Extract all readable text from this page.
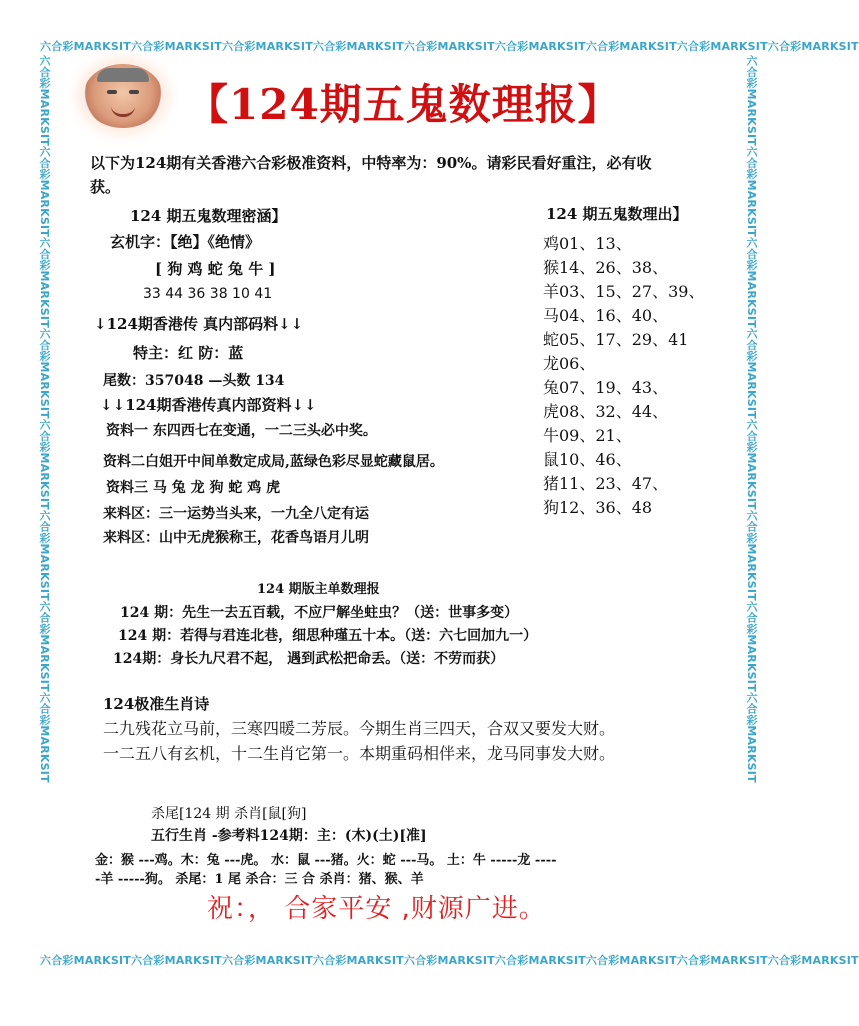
六合彩MARKSIT六合彩MARKSIT六合彩MARKSIT六合彩MARKSIT六合彩MARKSIT六合彩MARKSIT六合彩MARKSIT六合彩MARKSIT六合彩MARKSIT
六合彩MARKSIT六合彩MARKSIT六合彩MARKSIT六合彩MARKSIT六合彩MARKSIT六合彩MARKSIT六合彩MARKSIT六合彩MARKSIT六合彩MARKSIT
六合彩MARKSIT六合彩MARKSIT六合彩MARKSIT六合彩MARKSIT六合彩MARKSIT六合彩MARKSIT六合彩MARKSIT六合彩MARKSIT	六合彩MARKSIT六合彩MARKSIT六合彩MARKSIT六合彩MARKSIT六合彩MARKSIT六合彩MARKSIT六合彩MARKSIT六合彩MARKSIT
【124期五鬼数理报】
以下为124期有关香港六合彩极准资料，中特率为：90%。请彩民看好重注，必有收
获。
124 期五鬼数理密涵】
玄机字：【绝】《绝情》
[ 狗 鸡 蛇 兔 牛 ]
33 44 36 38 10 41
↓124期香港传 真内部码料↓↓
特主：红 防：蓝
尾数：357048 —头数 134
↓↓124期香港传真内部资料↓↓
资料一 东四西七在变通，一二三头必中奖。
资料二白姐开中间单数定成局,蓝绿色彩尽显蛇藏鼠居。
资料三 马 兔 龙 狗 蛇 鸡 虎
来料区：三一运势当头来，一九全八定有运
来料区：山中无虎猴称王，花香鸟语月儿明
124 期五鬼数理出】
鸡01、13、
猴14、26、38、
羊03、15、27、39、
马04、16、40、
蛇05、17、29、41
龙06、
兔07、19、43、
虎08、32、44、
牛09、21、
鼠10、46、
猪11、23、47、
狗12、36、48
124 期版主单数理报
124 期：先生一去五百载，不应尸解坐蛀虫？（送：世事多变）
124 期：若得与君连北巷，细思种瑾五十本。（送：六七回加九一）
124期：身长九尺君不起， 遇到武松把命丢。（送：不劳而获）
124极准生肖诗
二九残花立马前，三寒四暖二芳辰。今期生肖三四天，合双又要发大财。
一二五八有玄机，十二生肖它第一。本期重码相伴来，龙马同事发大财。
杀尾[124 期 杀肖[鼠[狗]
五行生肖 -参考料124期：主：(木)(土)[准]
金：猴 ---鸡。木：兔 ---虎。 水：鼠 ---猪。火：蛇 ---马。 土：牛 -----龙 ----
-羊 -----狗。 杀尾：1 尾 杀合：三 合 杀肖：猪、猴、羊
祝：， 合家平安 ,财源广进。
